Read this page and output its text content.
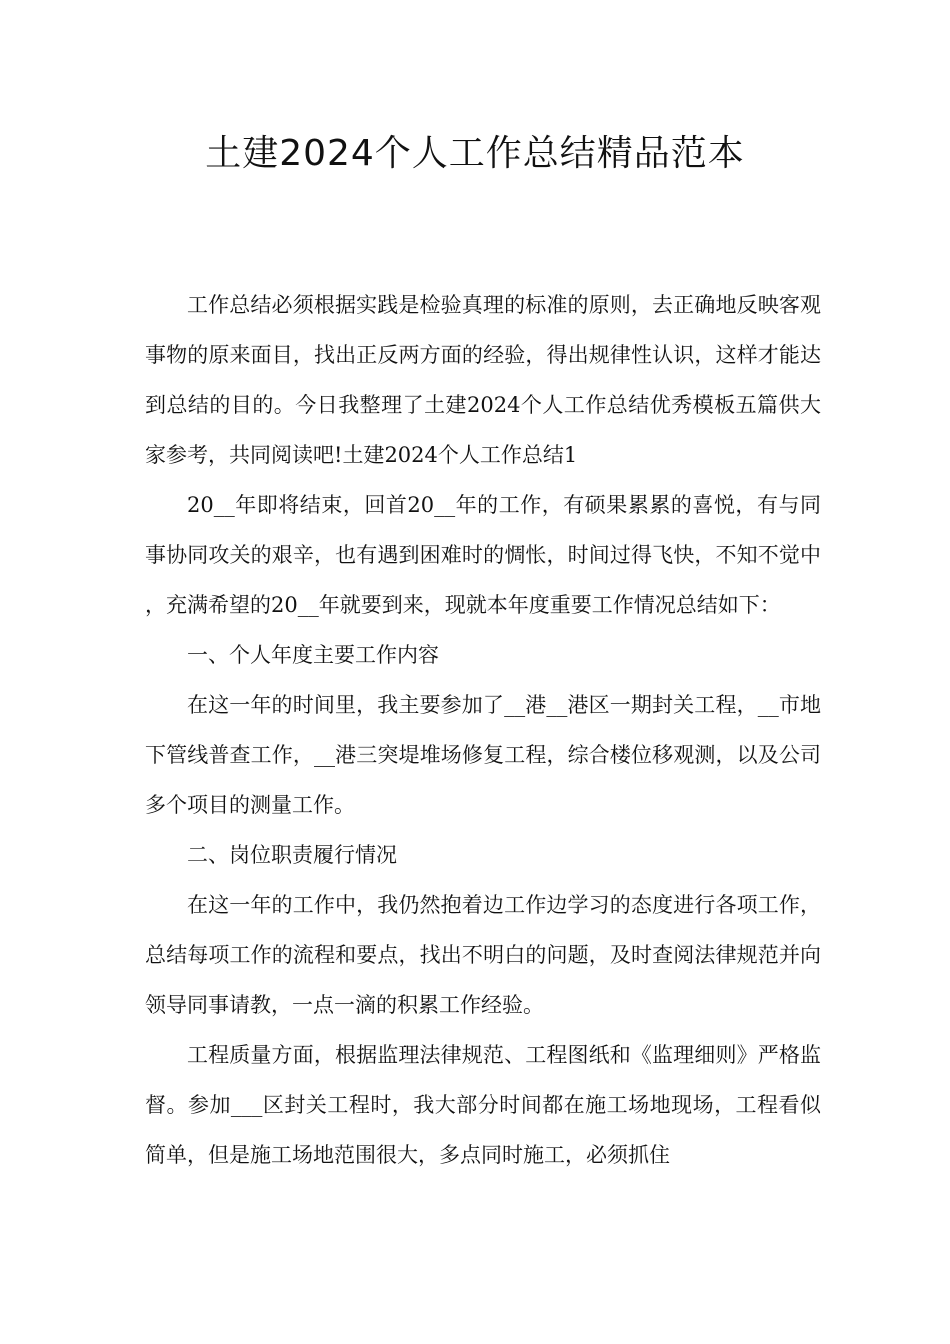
土建2024个人工作总结精品范本

工作总结必须根据实践是检验真理的标准的原则，去正确地反映客观事物的原来面目，找出正反两方面的经验，得出规律性认识，这样才能达到总结的目的。今日我整理了土建2024个人工作总结优秀模板五篇供大家参考，共同阅读吧!土建2024个人工作总结1

20__年即将结束，回首20__年的工作，有硕果累累的喜悦，有与同事协同攻关的艰辛，也有遇到困难时的惆怅，时间过得飞快，不知不觉中，充满希望的20__年就要到来，现就本年度重要工作情况总结如下：

一、个人年度主要工作内容

在这一年的时间里，我主要参加了__港__港区一期封关工程，__市地下管线普查工作，__港三突堤堆场修复工程，综合楼位移观测，以及公司多个项目的测量工作。

二、岗位职责履行情况

在这一年的工作中，我仍然抱着边工作边学习的态度进行各项工作，总结每项工作的流程和要点，找出不明白的问题，及时查阅法律规范并向领导同事请教，一点一滴的积累工作经验。

工程质量方面，根据监理法律规范、工程图纸和《监理细则》严格监督。参加___区封关工程时，我大部分时间都在施工场地现场，工程看似简单，但是施工场地范围很大，多点同时施工，必须抓住
